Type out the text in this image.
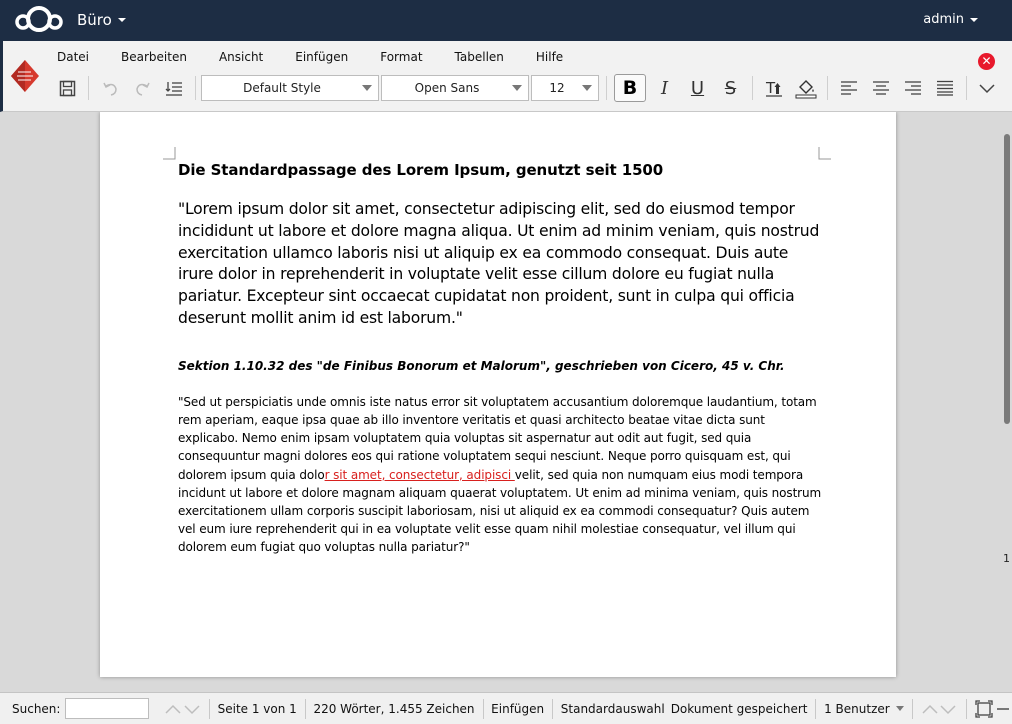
Büro	admin
Datei	Bearbeiten	Ansicht	Einfügen	Format	Tabellen	Hilfe	✕
Default Style	Open Sans	12	B	I	U	S	T
Die Standardpassage des Lorem Ipsum, genutzt seit 1500
"Lorem ipsum dolor sit amet, consectetur adipiscing elit, sed do eiusmod tempor incididunt ut labore et dolore magna aliqua. Ut enim ad minim veniam, quis nostrud exercitation ullamco laboris nisi ut aliquip ex ea commodo consequat. Duis aute irure dolor in reprehenderit in voluptate velit esse cillum dolore eu fugiat nulla pariatur. Excepteur sint occaecat cupidatat non proident, sunt in culpa qui officia deserunt mollit anim id est laborum."
Sektion 1.10.32 des "de Finibus Bonorum et Malorum", geschrieben von Cicero, 45 v. Chr.
"Sed ut perspiciatis unde omnis iste natus error sit voluptatem accusantium doloremque laudantium, totam rem aperiam, eaque ipsa quae ab illo inventore veritatis et quasi architecto beatae vitae dicta sunt explicabo. Nemo enim ipsam voluptatem quia voluptas sit aspernatur aut odit aut fugit, sed quia consequuntur magni dolores eos qui ratione voluptatem sequi nesciunt. Neque porro quisquam est, qui dolorem ipsum quia dolor sit amet, consectetur, adipisci velit, sed quia non numquam eius modi tempora incidunt ut labore et dolore magnam aliquam quaerat voluptatem. Ut enim ad minima veniam, quis nostrum exercitationem ullam corporis suscipit laboriosam, nisi ut aliquid ex ea commodi consequatur? Quis autem vel eum iure reprehenderit qui in ea voluptate velit esse quam nihil molestiae consequatur, vel illum qui dolorem eum fugiat quo voluptas nulla pariatur?"
1
Suchen:	Seite 1 von 1 220 Wörter, 1.455 Zeichen Einfügen Standardauswahl Dokument gespeichert 1 Benutzer
